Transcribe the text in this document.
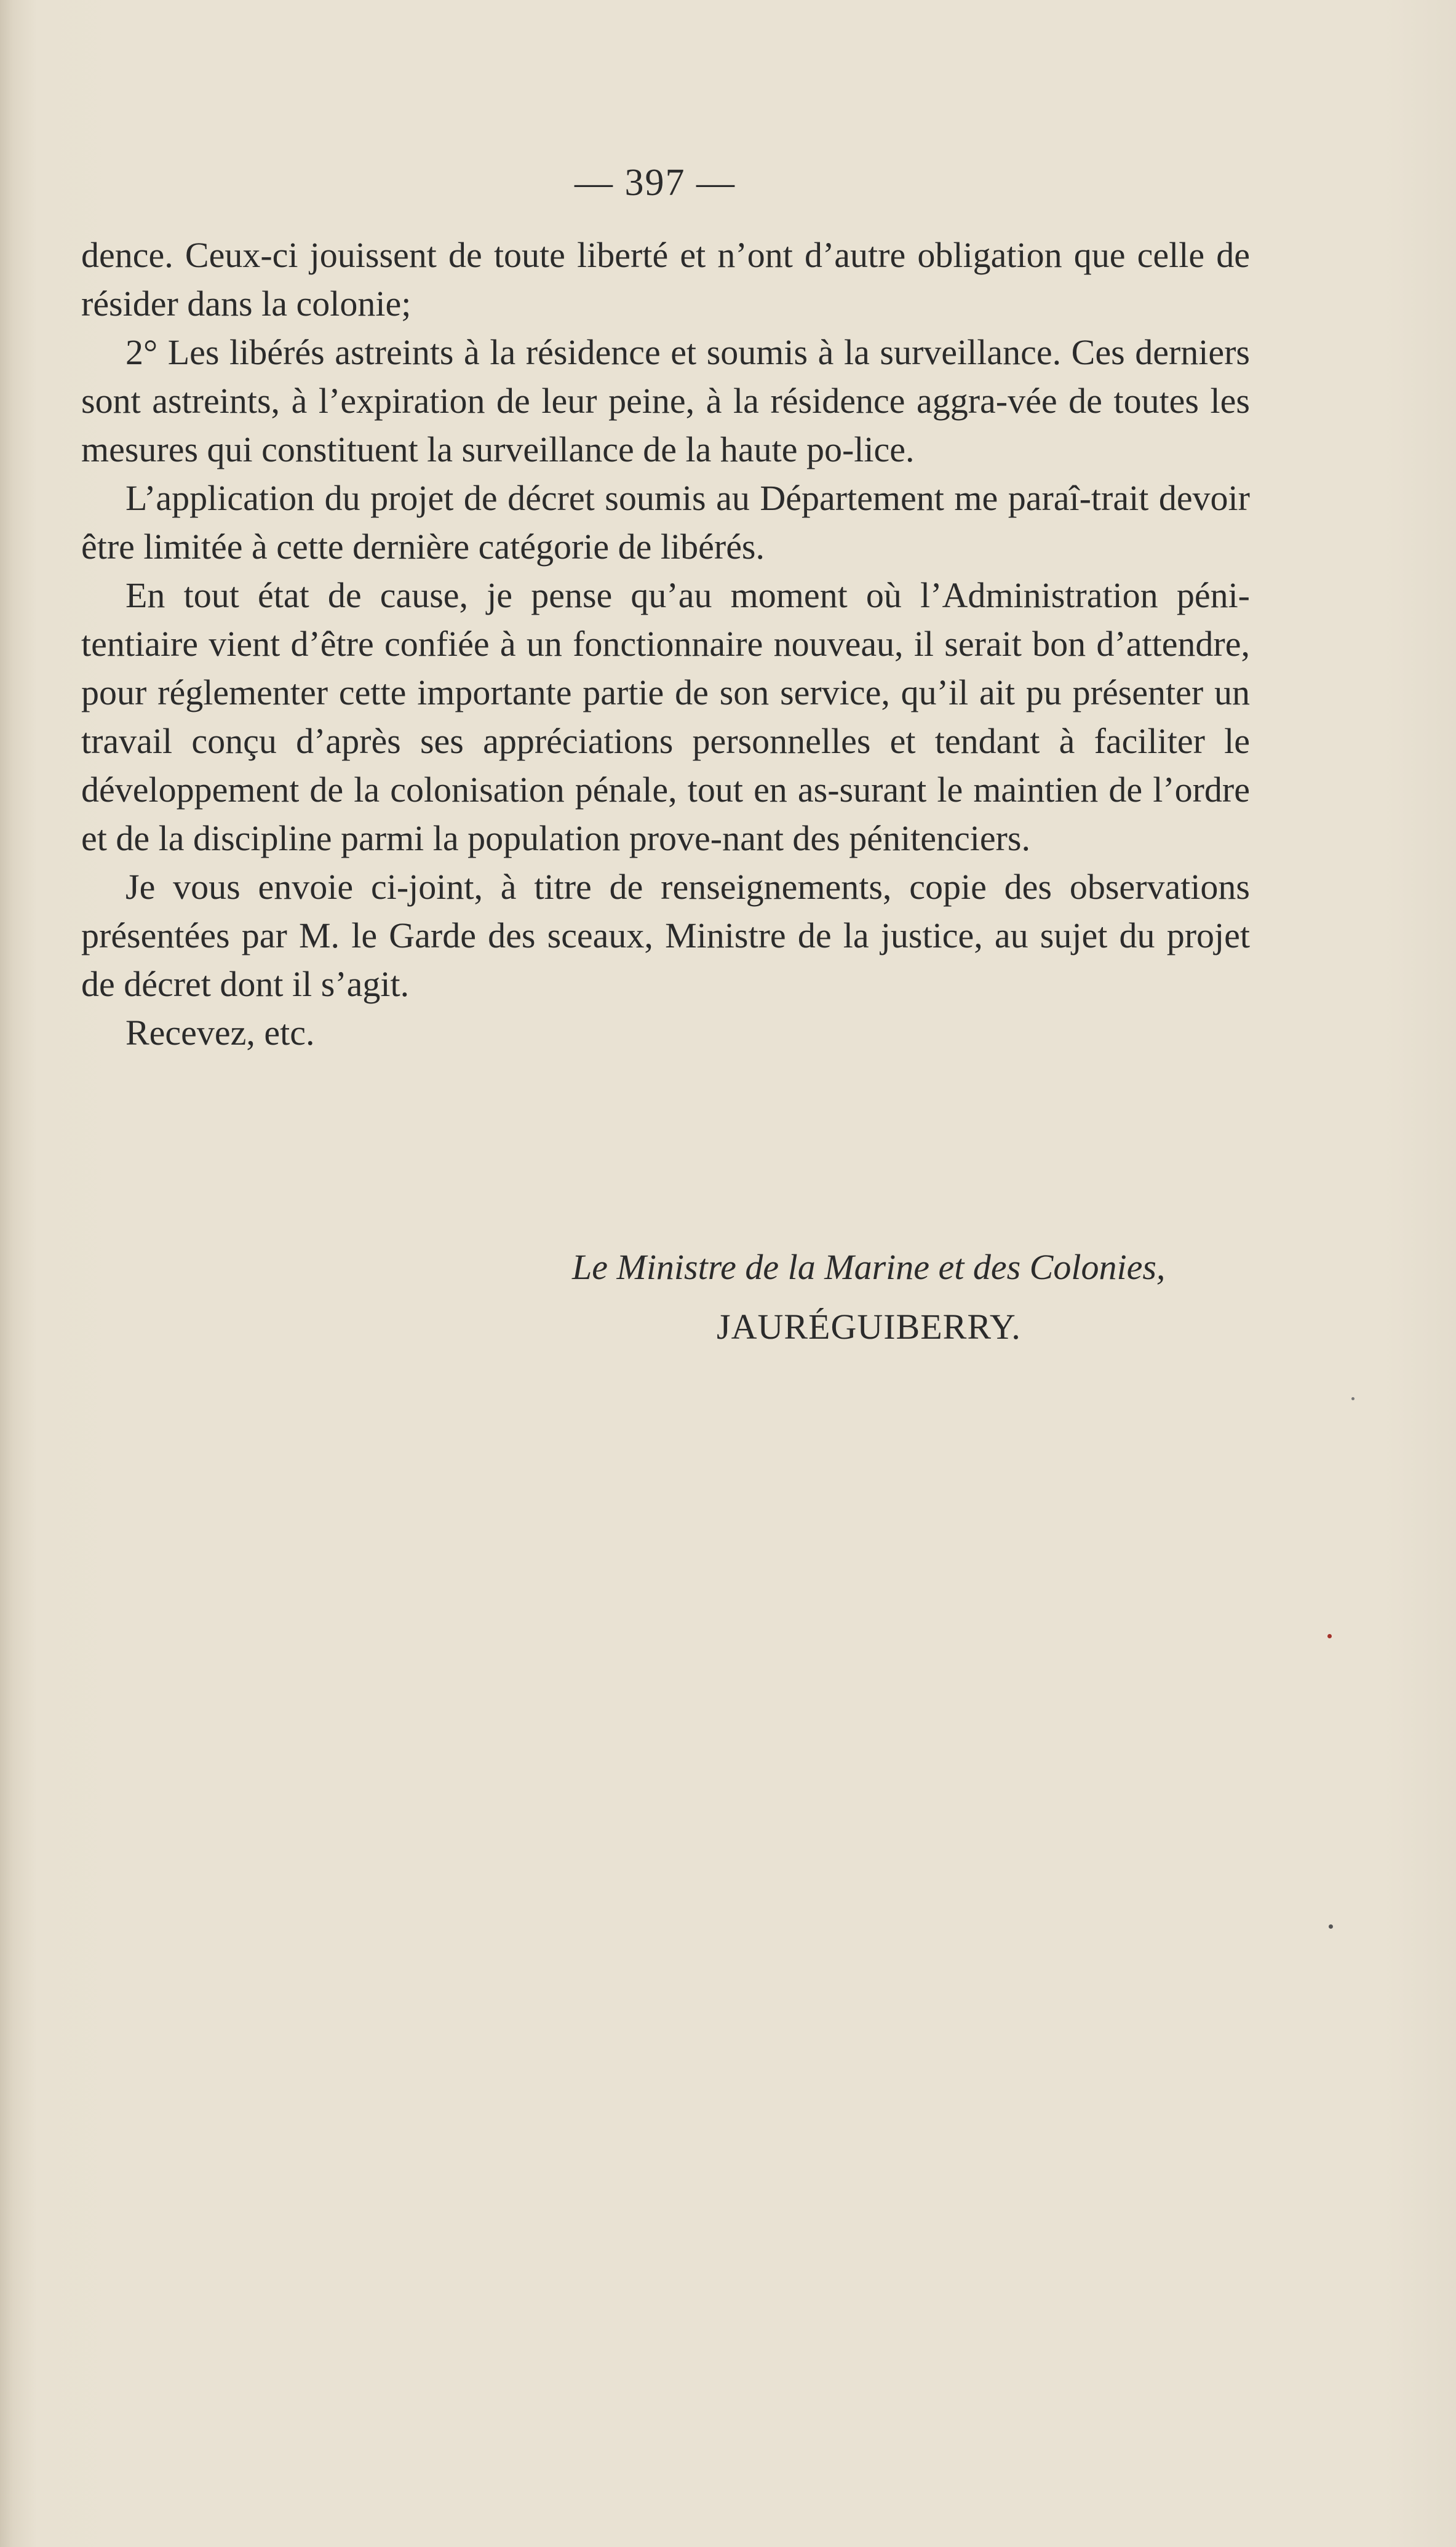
— 397 —

dence. Ceux-ci jouissent de toute liberté et n’ont d’autre obligation que celle de résider dans la colonie;

2° Les libérés astreints à la résidence et soumis à la surveillance. Ces derniers sont astreints, à l’expiration de leur peine, à la résidence aggra-vée de toutes les mesures qui constituent la surveillance de la haute po-lice.

L’application du projet de décret soumis au Département me paraî-trait devoir être limitée à cette dernière catégorie de libérés.

En tout état de cause, je pense qu’au moment où l’Administration péni-tentiaire vient d’être confiée à un fonctionnaire nouveau, il serait bon d’attendre, pour réglementer cette importante partie de son service, qu’il ait pu présenter un travail conçu d’après ses appréciations personnelles et tendant à faciliter le développement de la colonisation pénale, tout en as-surant le maintien de l’ordre et de la discipline parmi la population prove-nant des pénitenciers.

Je vous envoie ci-joint, à titre de renseignements, copie des observations présentées par M. le Garde des sceaux, Ministre de la justice, au sujet du projet de décret dont il s’agit.

Recevez, etc.

Le Ministre de la Marine et des Colonies,
JAURÉGUIBERRY.
